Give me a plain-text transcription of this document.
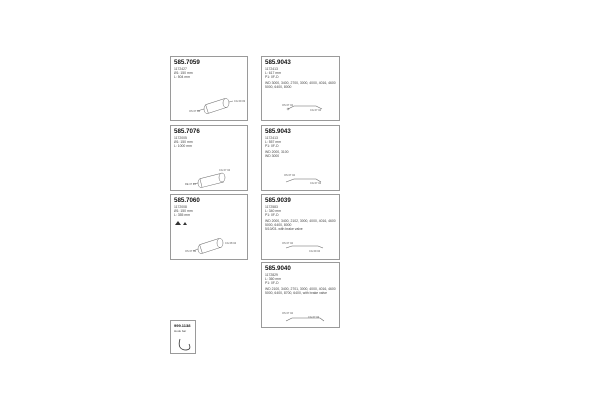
585.7059
1172427
Ø1: 150 mm
L: 504 mm
CG 09 03
OS 07 04
585.7076
1172005
Ø1: 150 mm
L: 1000 mm
CG 07 04
RE 07 04
585.7060
1172008
Ø1: 150 mm
L: 355 mm
CG 08 04
OS 07 04
999.1138
Hook bar
585.9043
1172413
L: 617 mm
P1: 0F-D
WD 3000, 3400, 2700, 3000, 4000, 4016, 4600
5000, 6400, 8000
OS 07 04
CG 07 04
585.9043
1172413
L: 557 mm
P1: 0F-D
WD 2000, 3100
WD 3000
OS 07 04
CG 07 04
585.9039
1172583
L: 340 mm
P1: 0F-D
WD 2000, 3400, 2102, 3000, 4000, 4016, 4600
5000, 6400, 8000
5/10/03- with brake valve
OS 07 04
CG 09 04
585.9040
1172829
L: 360 mm
P1: 0F-D
WD 2100, 3400, 2701, 3000, 4000, 4016, 4600
5000, 6400, 8700, 6400, with brake valve
OS 07 04
CG 07 04
